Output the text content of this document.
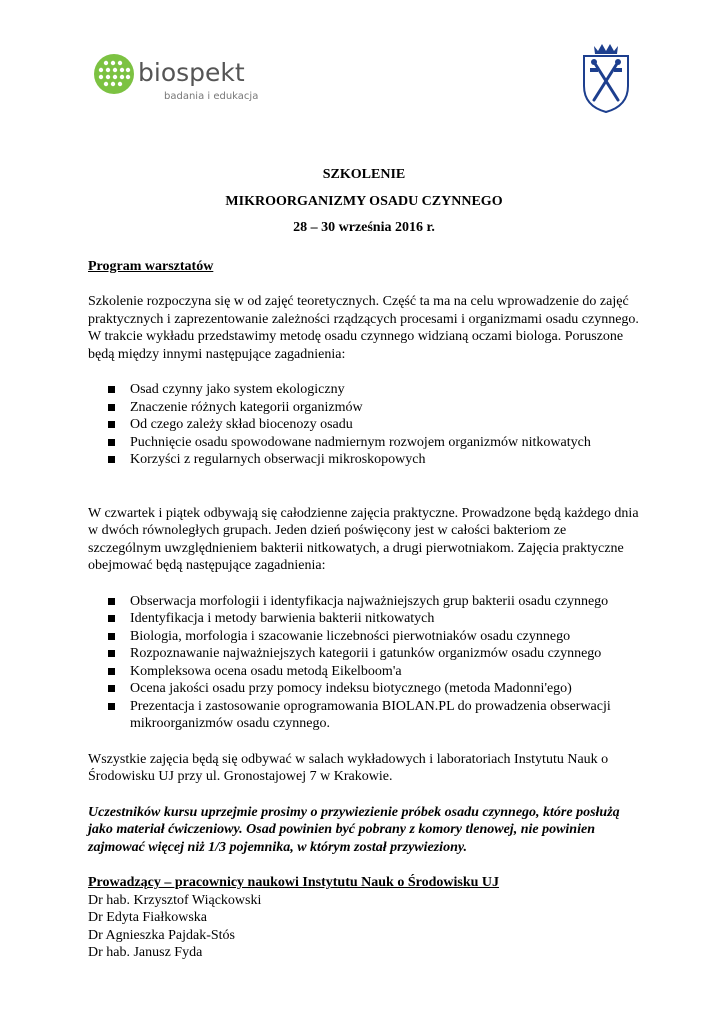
biospekt
badania i edukacja

SZKOLENIE

MIKROORGANIZMY OSADU CZYNNEGO

28 – 30 września 2016 r.

Program warsztatów

Szkolenie rozpoczyna się w od zajęć teoretycznych. Część ta ma na celu wprowadzenie do zajęć praktycznych i zaprezentowanie zależności rządzących procesami i organizmami osadu czynnego. W trakcie wykładu przedstawimy metodę osadu czynnego widzianą oczami biologa. Poruszone będą między innymi następujące zagadnienia:

Osad czynny jako system ekologiczny
Znaczenie różnych kategorii organizmów
Od czego zależy skład biocenozy osadu
Puchnięcie osadu spowodowane nadmiernym rozwojem organizmów nitkowatych
Korzyści z regularnych obserwacji mikroskopowych

W czwartek i piątek odbywają się całodzienne zajęcia praktyczne. Prowadzone będą każdego dnia w dwóch równoległych grupach. Jeden dzień poświęcony jest w całości bakteriom ze szczególnym uwzględnieniem bakterii nitkowatych, a drugi pierwotniakom. Zajęcia praktyczne obejmować będą następujące zagadnienia:

Obserwacja morfologii i identyfikacja najważniejszych grup bakterii osadu czynnego
Identyfikacja i metody barwienia bakterii nitkowatych
Biologia, morfologia i szacowanie liczebności pierwotniaków osadu czynnego
Rozpoznawanie najważniejszych kategorii i gatunków organizmów osadu czynnego
Kompleksowa ocena osadu metodą Eikelboom'a
Ocena jakości osadu przy pomocy indeksu biotycznego (metoda Madonni'ego)
Prezentacja i zastosowanie oprogramowania BIOLAN.PL do prowadzenia obserwacji mikroorganizmów osadu czynnego.

Wszystkie zajęcia będą się odbywać w salach wykładowych i laboratoriach Instytutu Nauk o Środowisku UJ przy ul. Gronostajowej 7 w Krakowie.

Uczestników kursu uprzejmie prosimy o przywiezienie próbek osadu czynnego, które posłużą jako materiał ćwiczeniowy. Osad powinien być pobrany z komory tlenowej, nie powinien zajmować więcej niż 1/3 pojemnika, w którym został przywieziony.

Prowadzący – pracownicy naukowi Instytutu Nauk o Środowisku UJ

Dr hab. Krzysztof Wiąckowski

Dr Edyta Fiałkowska

Dr Agnieszka Pajdak-Stós

Dr hab. Janusz Fyda
